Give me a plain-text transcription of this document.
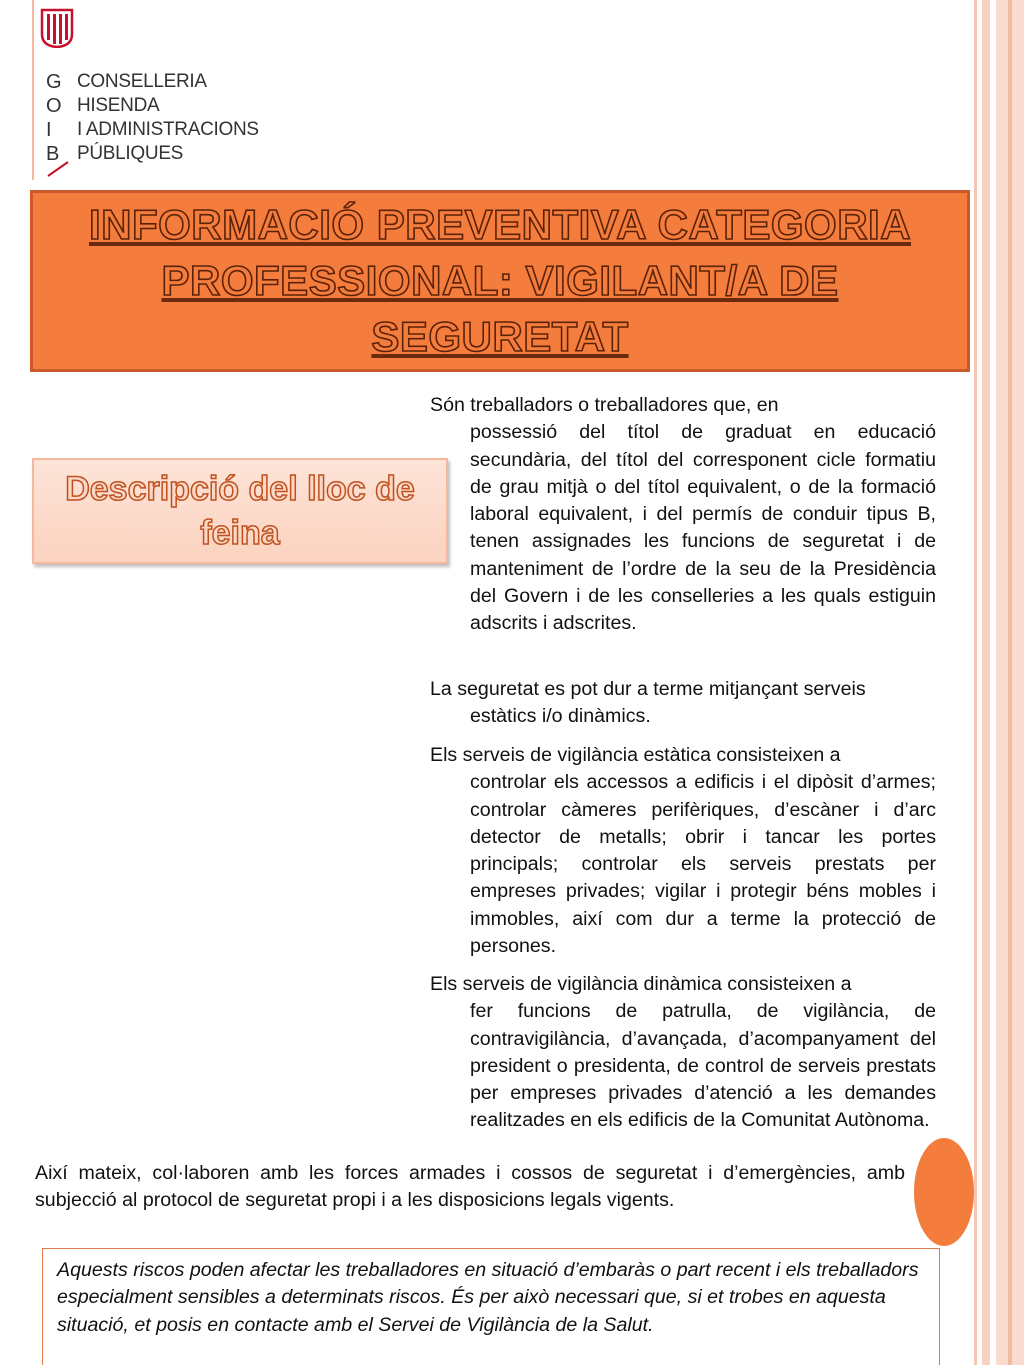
G
O
I
B
CONSELLERIA
HISENDA
I ADMINISTRACIONS
PÚBLIQUES
INFORMACIÓ PREVENTIVA CATEGORIA PROFESSIONAL: VIGILANT/A DE SEGURETAT
Descripció del lloc de feina

Són treballadors o treballadores que, en
possessió del títol de graduat en educació secundària, del títol del corresponent cicle formatiu de grau mitjà o del títol equivalent, o de la formació laboral equivalent, i del permís de conduir tipus B, tenen assignades les funcions de seguretat i de manteniment de l’ordre de la seu de la Presidència del Govern i de les conselleries a les quals estiguin adscrits i adscrites.

La seguretat es pot dur a terme mitjançant serveis
estàtics i/o dinàmics.

Els serveis de vigilància estàtica consisteixen a
controlar els accessos a edificis i el dipòsit d’armes; controlar càmeres perifèriques, d’escàner i d’arc detector de metalls; obrir i tancar les portes principals; controlar els serveis prestats per empreses privades; vigilar i protegir béns mobles i immobles, així com dur a terme la protecció de persones.

Els serveis de vigilància dinàmica consisteixen a
fer funcions de patrulla, de vigilància, de contravigilància, d’avançada, d’acompanyament del president o presidenta, de control de serveis prestats per empreses privades d’atenció a les demandes realitzades en els edificis de la Comunitat Autònoma.

Així mateix, col·laboren amb les forces armades i cossos de seguretat i d’emergències, amb subjecció al protocol de seguretat propi i a les disposicions legals vigents.

Aquests riscos poden afectar les treballadores en situació d’embaràs o part recent i els treballadors especialment sensibles a determinats riscos. És per això necessari que, si et trobes en aquesta situació, et posis en contacte amb el Servei de Vigilància de la Salut.
